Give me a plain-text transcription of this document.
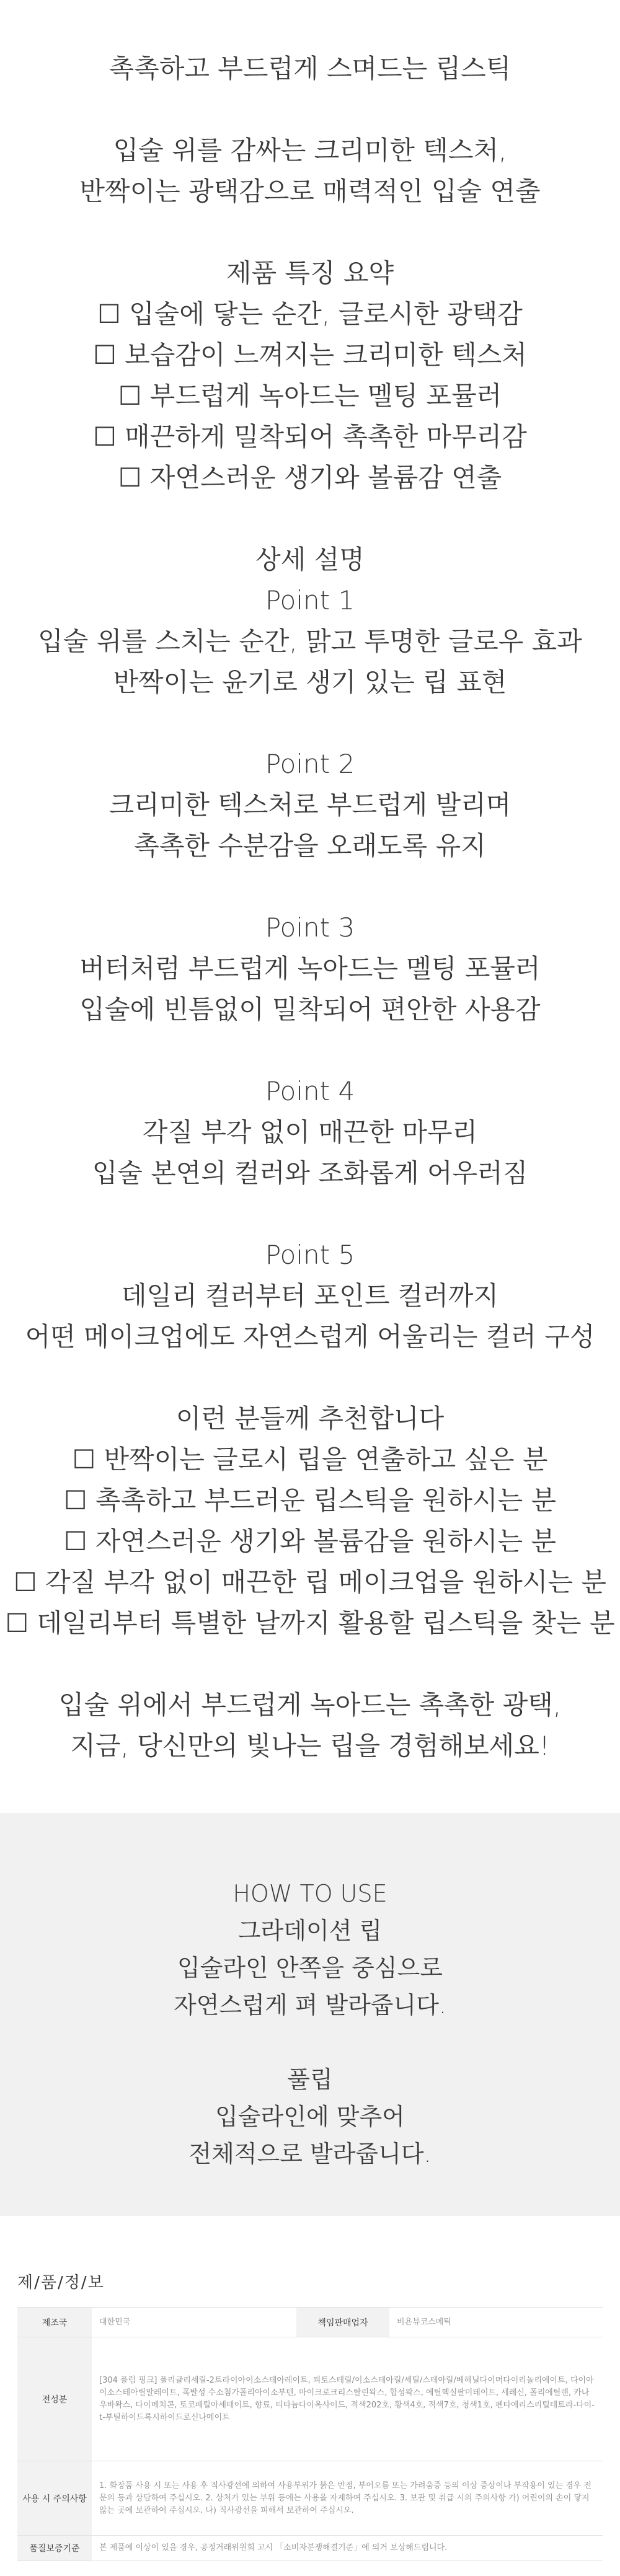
촉촉하고 부드럽게 스며드는 립스틱
입술 위를 감싸는 크리미한 텍스처,
반짝이는 광택감으로 매력적인 입술 연출
제품 특징 요약
☐ 입술에 닿는 순간, 글로시한 광택감
☐ 보습감이 느껴지는 크리미한 텍스처
☐ 부드럽게 녹아드는 멜팅 포뮬러
☐ 매끈하게 밀착되어 촉촉한 마무리감
☐ 자연스러운 생기와 볼륨감 연출
상세 설명
Point 1
입술 위를 스치는 순간, 맑고 투명한 글로우 효과
반짝이는 윤기로 생기 있는 립 표현
Point 2
크리미한 텍스처로 부드럽게 발리며
촉촉한 수분감을 오래도록 유지
Point 3
버터처럼 부드럽게 녹아드는 멜팅 포뮬러
입술에 빈틈없이 밀착되어 편안한 사용감
Point 4
각질 부각 없이 매끈한 마무리
입술 본연의 컬러와 조화롭게 어우러짐
Point 5
데일리 컬러부터 포인트 컬러까지
어떤 메이크업에도 자연스럽게 어울리는 컬러 구성
이런 분들께 추천합니다
☐ 반짝이는 글로시 립을 연출하고 싶은 분
☐ 촉촉하고 부드러운 립스틱을 원하시는 분
☐ 자연스러운 생기와 볼륨감을 원하시는 분
☐ 각질 부각 없이 매끈한 립 메이크업을 원하시는 분
☐ 데일리부터 특별한 날까지 활용할 립스틱을 찾는 분
입술 위에서 부드럽게 녹아드는 촉촉한 광택,
지금, 당신만의 빛나는 립을 경험해보세요!
HOW TO USE
그라데이션 립
입술라인 안쪽을 중심으로
자연스럽게 펴 발라줍니다.
풀립
입술라인에 맞추어
전체적으로 발라줍니다.
제/품/정/보
제조국	대한민국	책임판매업자	비욘뷰코스메틱
전성분	[304 플럼 핑크] 폴리글리세릴-2트라이아이소스테아레이트, 피토스테릴/이소스테아릴/세틸/스테아릴/베헤닐다이머다이리놀리에이트, 다이아이소스테아릴말레이트, 폭발성 수소첨가폴리아이소부텐, 마이크로크리스탈린왁스, 합성왁스, 에틸헥실팔미테이트, 세레신, 폴리에틸렌, 카나우바왁스, 다이메치콘, 토코페릴아세테이트, 향료, 티타늄다이옥사이드, 적색202호, 황색4호, 적색7호, 청색1호, 펜타에리스리틸테트라-다이-t-부틸하이드록시하이드로신나메이트		
사용 시 주의사항	1. 화장품 사용 시 또는 사용 후 직사광선에 의하여 사용부위가 붉은 반점, 부어오름 또는 가려움증 등의 이상 증상이나 부작용이 있는 경우 전문의 등과 상담하여 주십시오. 2. 상처가 있는 부위 등에는 사용을 자제하여 주십시오. 3. 보관 및 취급 시의 주의사항 가) 어린이의 손이 닿지 않는 곳에 보관하여 주십시오. 나) 직사광선을 피해서 보관하여 주십시오.		
품질보증기준	본 제품에 이상이 있을 경우, 공정거래위원회 고시 「소비자분쟁해결기준」에 의거 보상해드립니다.		
